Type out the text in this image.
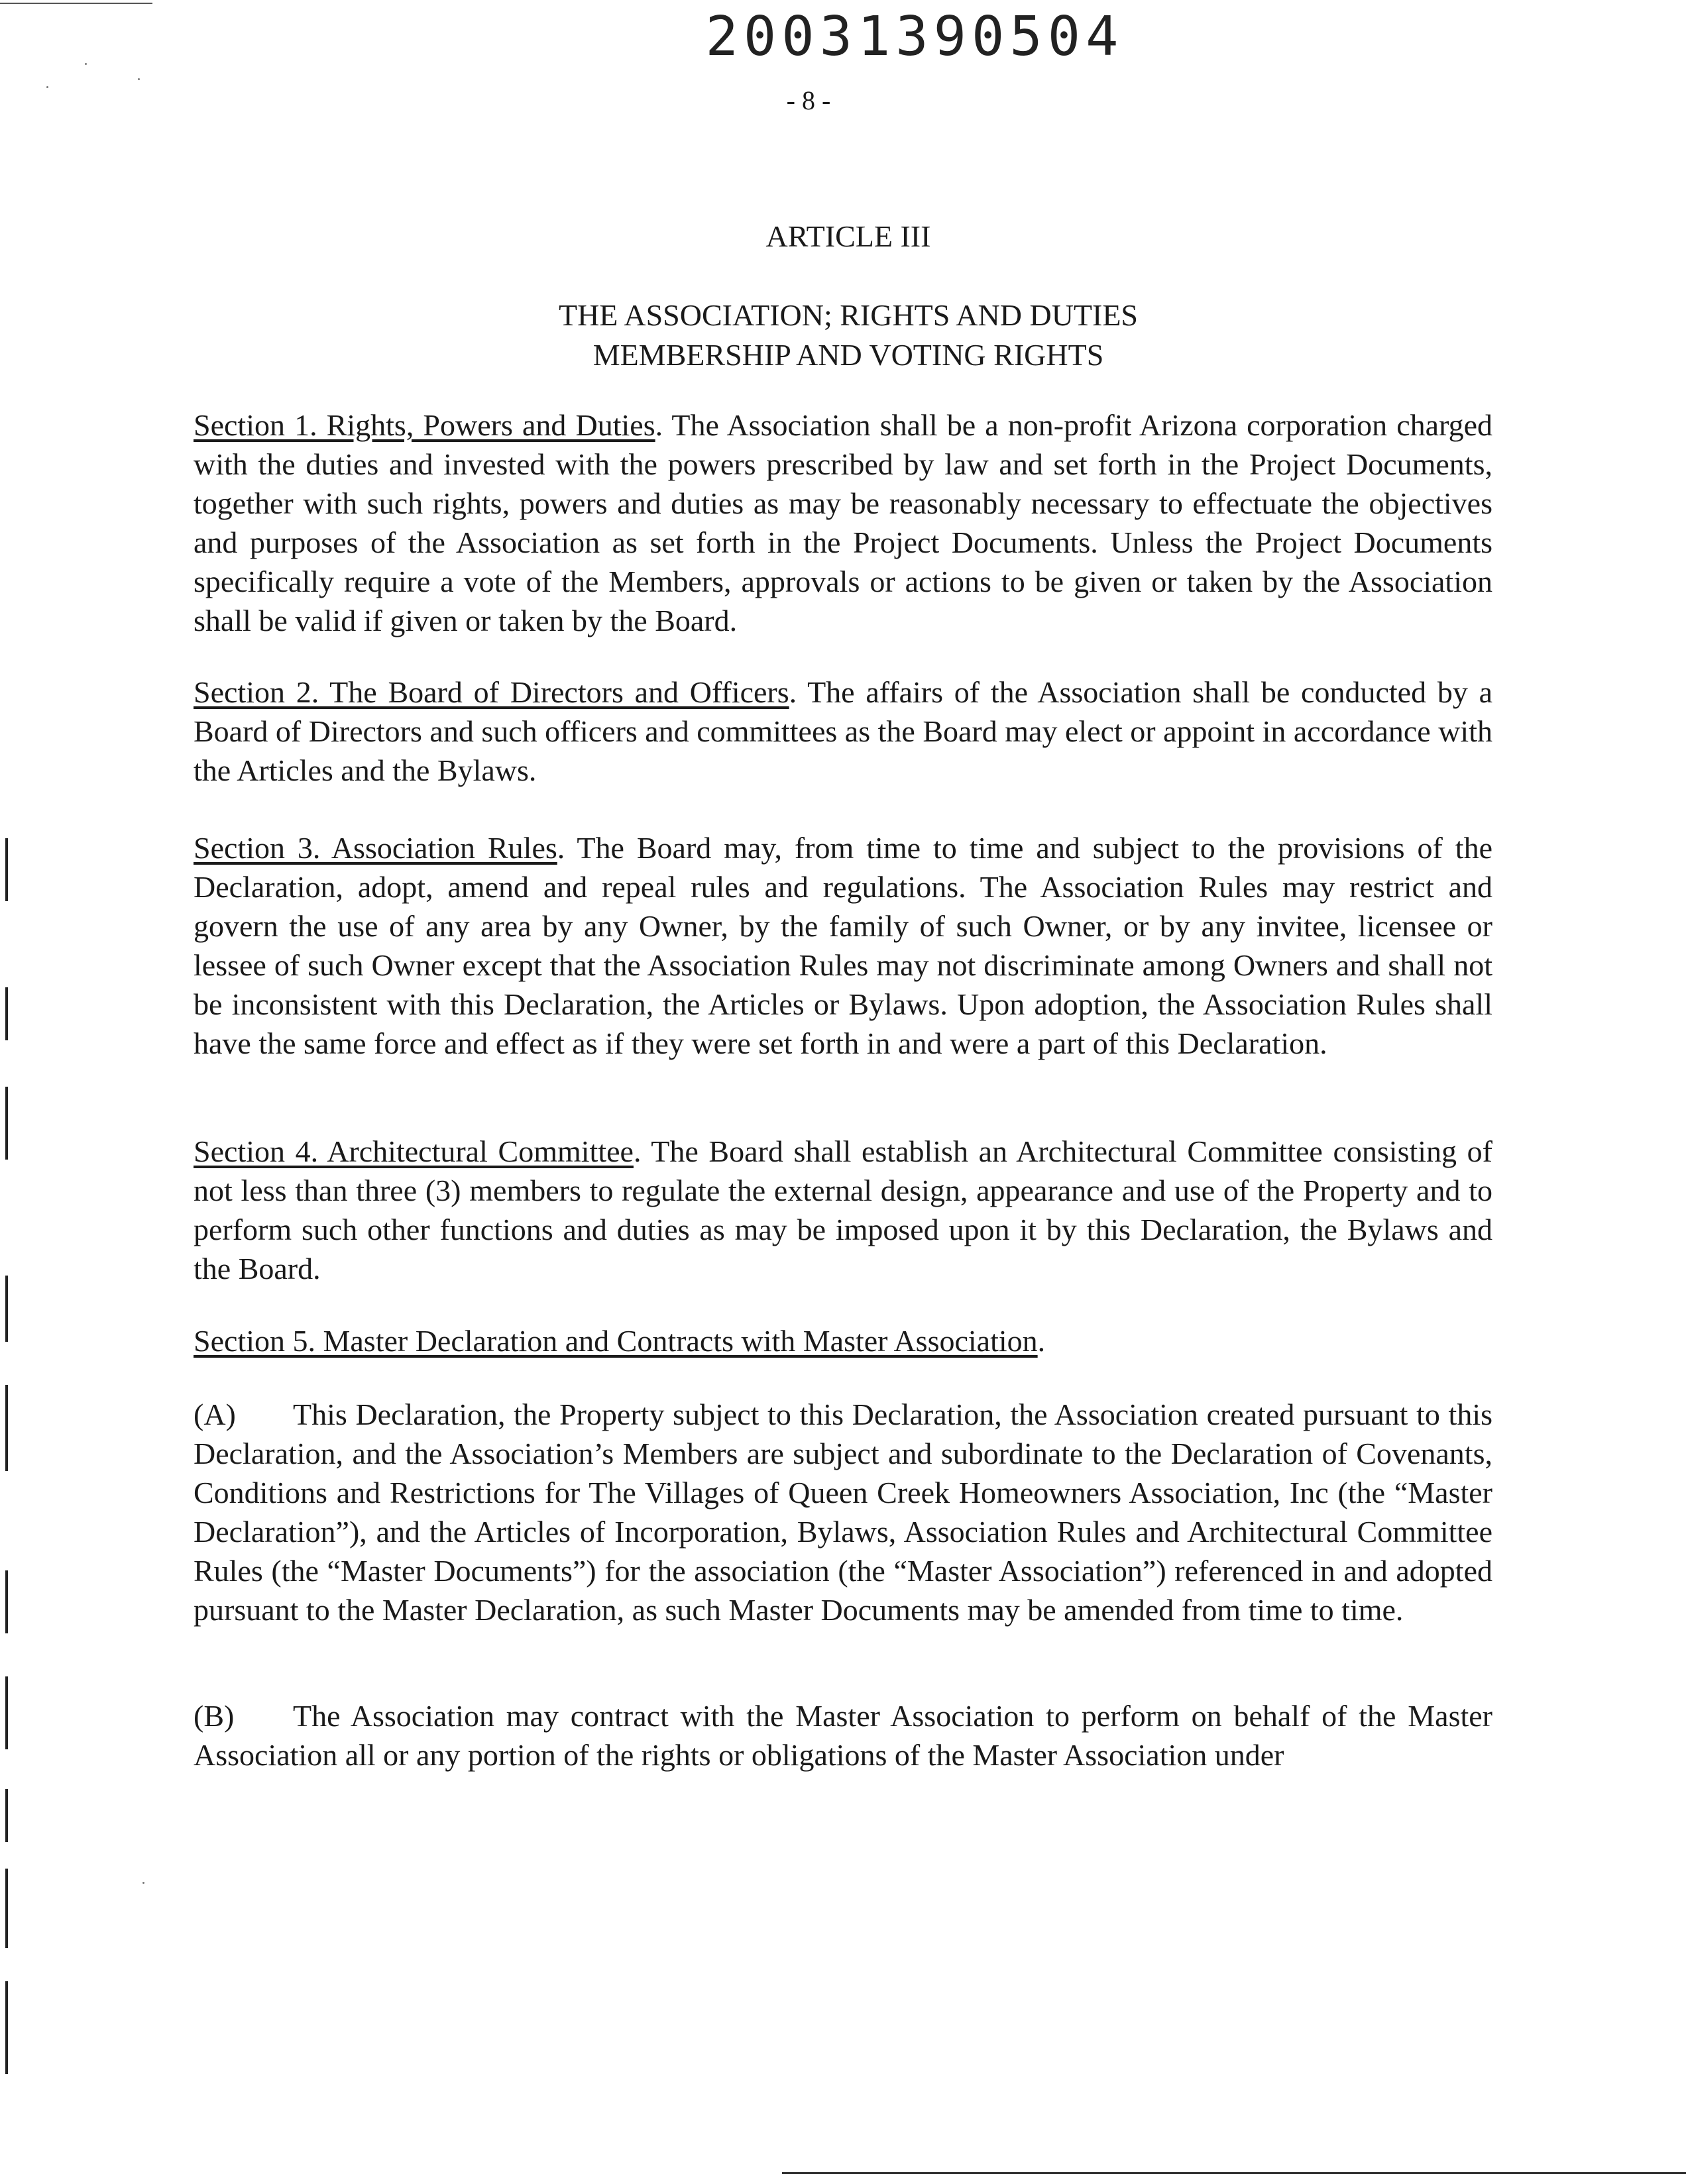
20031390504
- 8 -
ARTICLE III
THE ASSOCIATION; RIGHTS AND DUTIES
MEMBERSHIP AND VOTING RIGHTS
Section 1. Rights, Powers and Duties. The Association shall be a non-profit Arizona corporation charged with the duties and invested with the powers prescribed by law and set forth in the Project Documents, together with such rights, powers and duties as may be reasonably necessary to effectuate the objectives and purposes of the Association as set forth in the Project Documents. Unless the Project Documents specifically require a vote of the Members, approvals or actions to be given or taken by the Association shall be valid if given or taken by the Board.
Section 2. The Board of Directors and Officers. The affairs of the Association shall be conducted by a Board of Directors and such officers and committees as the Board may elect or appoint in accordance with the Articles and the Bylaws.
Section 3. Association Rules. The Board may, from time to time and subject to the provisions of the Declaration, adopt, amend and repeal rules and regulations. The Association Rules may restrict and govern the use of any area by any Owner, by the family of such Owner, or by any invitee, licensee or lessee of such Owner except that the Association Rules may not discriminate among Owners and shall not be inconsistent with this Declaration, the Articles or Bylaws. Upon adoption, the Association Rules shall have the same force and effect as if they were set forth in and were a part of this Declaration.
Section 4. Architectural Committee. The Board shall establish an Architectural Committee consisting of not less than three (3) members to regulate the external design, appearance and use of the Property and to perform such other functions and duties as may be imposed upon it by this Declaration, the Bylaws and the Board.
Section 5. Master Declaration and Contracts with Master Association.
(A) This Declaration, the Property subject to this Declaration, the Association created pursuant to this Declaration, and the Association’s Members are subject and subordinate to the Declaration of Covenants, Conditions and Restrictions for The Villages of Queen Creek Homeowners Association, Inc (the “Master Declaration”), and the Articles of Incorporation, Bylaws, Association Rules and Architectural Committee Rules (the “Master Documents”) for the association (the “Master Association”) referenced in and adopted pursuant to the Master Declaration, as such Master Documents may be amended from time to time.
(B) The Association may contract with the Master Association to perform on behalf of the Master Association all or any portion of the rights or obligations of the Master Association under
